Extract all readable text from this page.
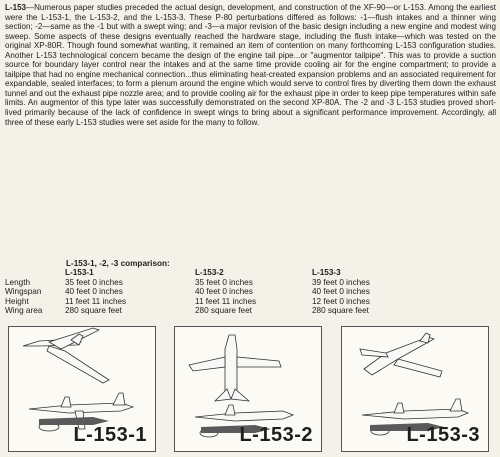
L-153—Numerous paper studies preceded the actual design, development, and construction of the XF-90—or L-153. Among the earliest were the L-153-1, the L-153-2, and the L-153-3. These P-80 perturbations differed as follows: -1—flush intakes and a thinner wing section; -2—same as the -1 but with a swept wing; and -3—a major revision of the basic design including a new engine and modest wing sweep. Some aspects of these designs eventually reached the hardware stage, including the flush intake—which was tested on the original XP-80R. Though found somewhat wanting, it remained an item of contention on many forthcoming L-153 configuration studies. Another L-153 technological concern became the design of the engine tail pipe...or "augmentor tailpipe". This was to provide a suction source for boundary layer control near the intakes and at the same time provide cooling air for the engine compartment; to provide a tailpipe that had no engine mechanical connection...thus eliminating heat-created expansion problems and an associated requirement for expandable, sealed interfaces; to form a plenum around the engine which would serve to control fires by diverting them down the exhaust tunnel and out the exhaust pipe nozzle area; and to provide cooling air for the exhaust pipe in order to keep pipe temperatures within safe limits. An augmentor of this type later was successfully demonstrated on the second XP-80A. The -2 and -3 L-153 studies proved short-lived primarily because of the lack of confidence in swept wings to bring about a significant performance improvement. Accordingly, all three of these early L-153 studies were set aside for the many to follow.

L-153-1, -2, -3 comparison:
	L-153-1	L-153-2	L-153-3
Length	35 feet 0 inches	35 feet 0 inches	39 feet 0 inches
Wingspan	40 feet 0 inches	40 feet 0 inches	40 feet 0 inches
Height	11 feet 11 inches	11 feet 11 inches	12 feet 0 inches
Wing area	280 square feet	280 square feet	280 square feet
L-153-1	L-153-2	L-153-3
